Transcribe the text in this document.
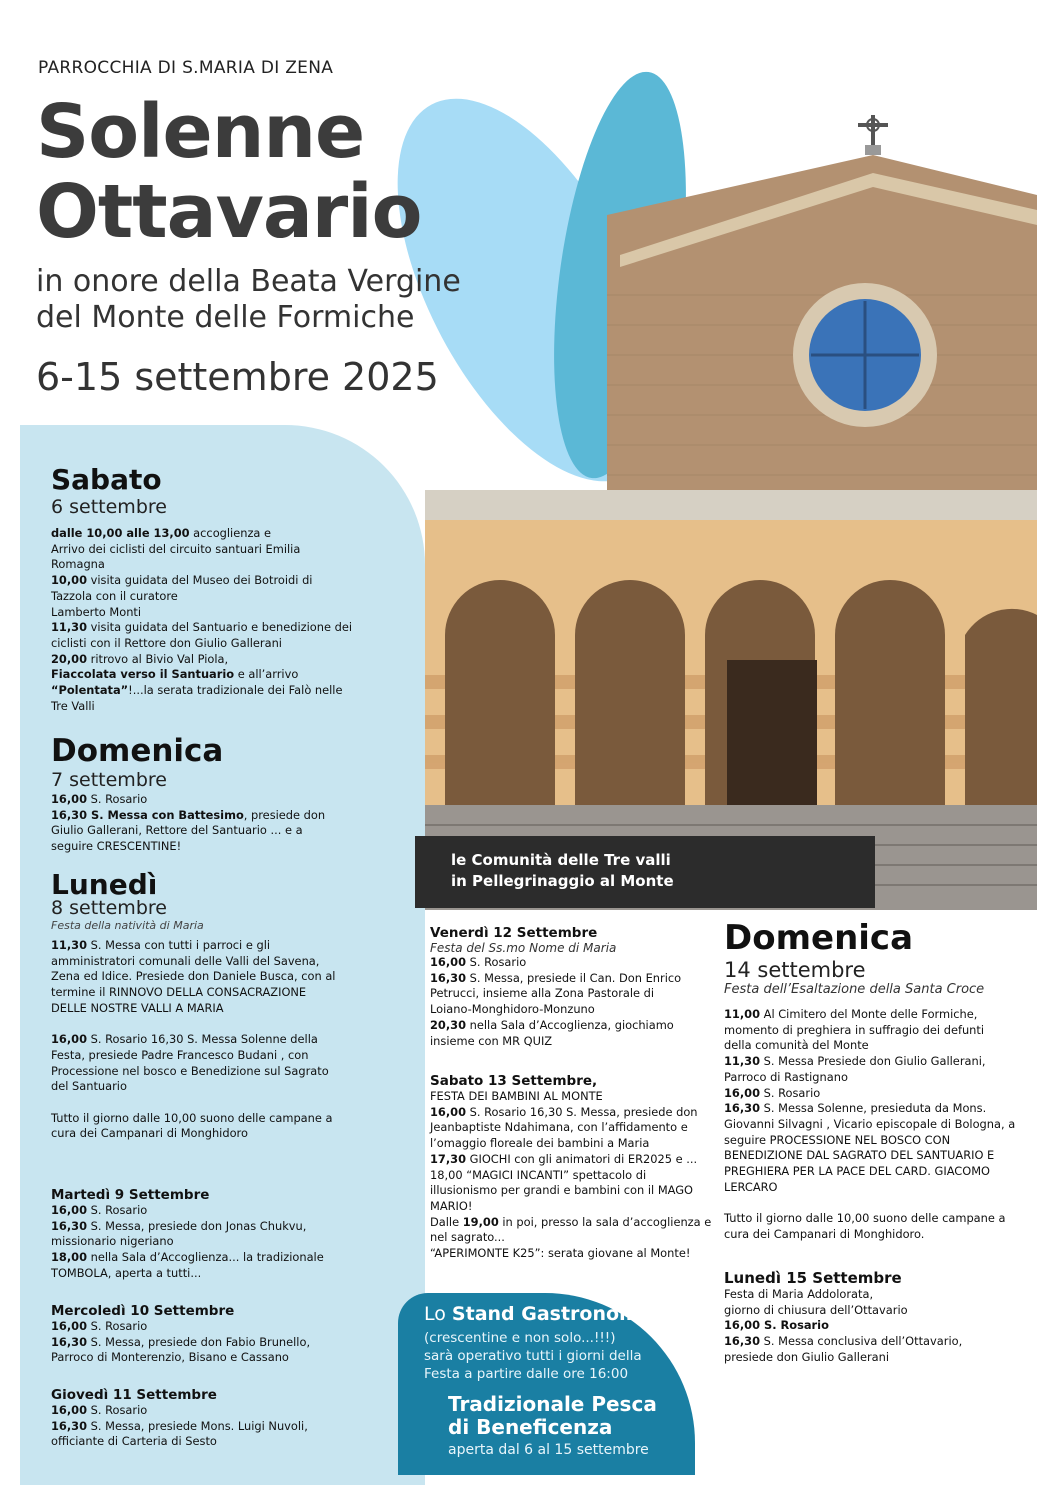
PARROCCHIA DI S.MARIA DI ZENA
Solenne
Ottavario
in onore della Beata Vergine
del Monte delle Formiche
6-15 settembre 2025
le Comunità delle Tre valli
in Pellegrinaggio al Monte
Sabato
6 settembre
dalle 10,00 alle 13,00 accoglienza e
Arrivo dei ciclisti del circuito santuari Emilia
Romagna
10,00 visita guidata del Museo dei Botroidi di
Tazzola con il curatore
Lamberto Monti
11,30 visita guidata del Santuario e benedizione dei
ciclisti con il Rettore don Giulio Gallerani
20,00 ritrovo al Bivio Val Piola,
Fiaccolata verso il Santuario e all’arrivo
“Polentata”!...la serata tradizionale dei Falò nelle
Tre Valli
Domenica
7 settembre
16,00 S. Rosario
16,30 S. Messa con Battesimo, presiede don
Giulio Gallerani, Rettore del Santuario ... e a
seguire CRESCENTINE!
Lunedì
8 settembre
Festa della natività di Maria
11,30 S. Messa con tutti i parroci e gli
amministratori comunali delle Valli del Savena,
Zena ed Idice. Presiede don Daniele Busca, con al
termine il RINNOVO DELLA CONSACRAZIONE
DELLE NOSTRE VALLI A MARIA

16,00 S. Rosario 16,30 S. Messa Solenne della
Festa, presiede Padre Francesco Budani , con
Processione nel bosco e Benedizione sul Sagrato
del Santuario

Tutto il giorno dalle 10,00 suono delle campane a
cura dei Campanari di Monghidoro
Martedì 9 Settembre
16,00 S. Rosario
16,30 S. Messa, presiede don Jonas Chukvu,
missionario nigeriano
18,00 nella Sala d’Accoglienza... la tradizionale
TOMBOLA, aperta a tutti...
Mercoledì 10 Settembre
16,00 S. Rosario
16,30 S. Messa, presiede don Fabio Brunello,
Parroco di Monterenzio, Bisano e Cassano
Giovedì 11 Settembre
16,00 S. Rosario
16,30 S. Messa, presiede Mons. Luigi Nuvoli,
officiante di Carteria di Sesto
Venerdì 12 Settembre
Festa del Ss.mo Nome di Maria
16,00 S. Rosario
16,30 S. Messa, presiede il Can. Don Enrico
Petrucci, insieme alla Zona Pastorale di
Loiano-Monghidoro-Monzuno
20,30 nella Sala d’Accoglienza, giochiamo
insieme con MR QUIZ
Sabato 13 Settembre,
FESTA DEI BAMBINI AL MONTE
16,00 S. Rosario 16,30 S. Messa, presiede don
Jeanbaptiste Ndahimana, con l’affidamento e
l’omaggio floreale dei bambini a Maria
17,30 GIOCHI con gli animatori di ER2025 e ...
18,00 “MAGICI INCANTI” spettacolo di
illusionismo per grandi e bambini con il MAGO
MARIO!
Dalle 19,00 in poi, presso la sala d’accoglienza e
nel sagrato...
“APERIMONTE K25”: serata giovane al Monte!
Domenica
14 settembre
Festa dell’Esaltazione della Santa Croce
11,00 Al Cimitero del Monte delle Formiche,
momento di preghiera in suffragio dei defunti
della comunità del Monte
11,30 S. Messa Presiede don Giulio Gallerani,
Parroco di Rastignano
16,00 S. Rosario
16,30 S. Messa Solenne, presieduta da Mons.
Giovanni Silvagni , Vicario episcopale di Bologna, a
seguire PROCESSIONE NEL BOSCO CON
BENEDIZIONE DAL SAGRATO DEL SANTUARIO E
PREGHIERA PER LA PACE DEL CARD. GIACOMO
LERCARO

Tutto il giorno dalle 10,00 suono delle campane a
cura dei Campanari di Monghidoro.
Lunedì 15 Settembre
Festa di Maria Addolorata,
giorno di chiusura dell’Ottavario
16,00 S. Rosario
16,30 S. Messa conclusiva dell’Ottavario,
presiede don Giulio Gallerani
Lo Stand Gastronomico
(crescentine e non solo...!!!)
sarà operativo tutti i giorni della
Festa a partire dalle ore 16:00
Tradizionale Pesca
di Beneficenza
aperta dal 6 al 15 settembre
